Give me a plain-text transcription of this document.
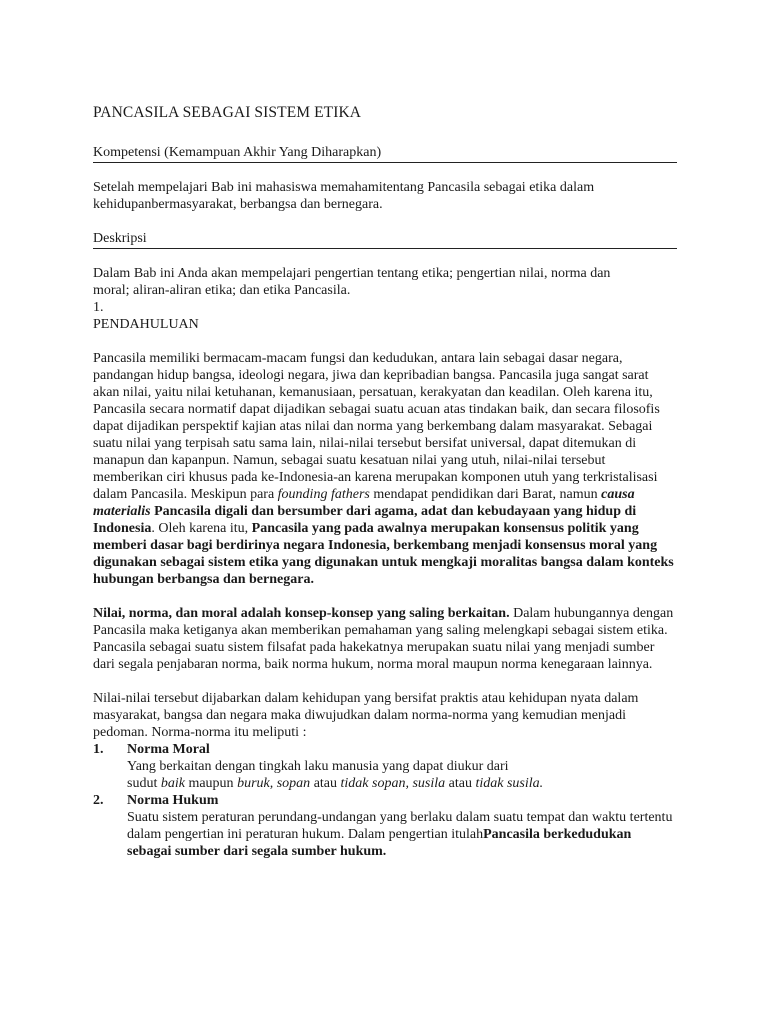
PANCASILA SEBAGAI SISTEM ETIKA
Kompetensi (Kemampuan Akhir Yang Diharapkan)

Setelah mempelajari Bab ini mahasiswa memahamitentang Pancasila sebagai etika dalam
kehidupanbermasyarakat, berbangsa dan bernegara.

Deskripsi

Dalam Bab ini Anda akan mempelajari pengertian tentang etika; pengertian nilai, norma dan
moral; aliran-aliran etika; dan etika Pancasila.

1.

PENDAHULUAN

Pancasila memiliki bermacam-macam fungsi dan kedudukan, antara lain sebagai dasar negara, pandangan hidup bangsa, ideologi negara, jiwa dan kepribadian bangsa. Pancasila juga sangat sarat akan nilai, yaitu nilai ketuhanan, kemanusiaan, persatuan, kerakyatan dan keadilan. Oleh karena itu, Pancasila secara normatif dapat dijadikan sebagai suatu acuan atas tindakan baik, dan secara filosofis dapat dijadikan perspektif kajian atas nilai dan norma yang berkembang dalam masyarakat. Sebagai suatu nilai yang terpisah satu sama lain, nilai-nilai tersebut bersifat universal, dapat ditemukan di manapun dan kapanpun. Namun, sebagai suatu kesatuan nilai yang utuh, nilai-nilai tersebut memberikan ciri khusus pada ke-Indonesia-an karena merupakan komponen utuh yang terkristalisasi dalam Pancasila. Meskipun para founding fathers mendapat pendidikan dari Barat, namun causa materialis Pancasila digali dan bersumber dari agama, adat dan kebudayaan yang hidup di Indonesia. Oleh karena itu, Pancasila yang pada awalnya merupakan konsensus politik yang memberi dasar bagi berdirinya negara Indonesia, berkembang menjadi konsensus moral yang digunakan sebagai sistem etika yang digunakan untuk mengkaji moralitas bangsa dalam konteks hubungan berbangsa dan bernegara.

Nilai, norma, dan moral adalah konsep-konsep yang saling berkaitan. Dalam hubungannya dengan Pancasila maka ketiganya akan memberikan pemahaman yang saling melengkapi sebagai sistem etika. Pancasila sebagai suatu sistem filsafat pada hakekatnya merupakan suatu nilai yang menjadi sumber dari segala penjabaran norma, baik norma hukum, norma moral maupun norma kenegaraan lainnya.

Nilai-nilai tersebut dijabarkan dalam kehidupan yang bersifat praktis atau kehidupan nyata dalam masyarakat, bangsa dan negara maka diwujudkan dalam norma-norma yang kemudian menjadi pedoman. Norma-norma itu meliputi :

1.	Norma Moral
Yang berkaitan dengan tingkah laku manusia yang dapat diukur dari
sudut baik maupun buruk, sopan atau tidak sopan, susila atau tidak susila.
2.	Norma Hukum
Suatu sistem peraturan perundang-undangan yang berlaku dalam suatu tempat dan waktu tertentu dalam pengertian ini peraturan hukum. Dalam pengertian itulahPancasila berkedudukan sebagai sumber dari segala sumber hukum.
